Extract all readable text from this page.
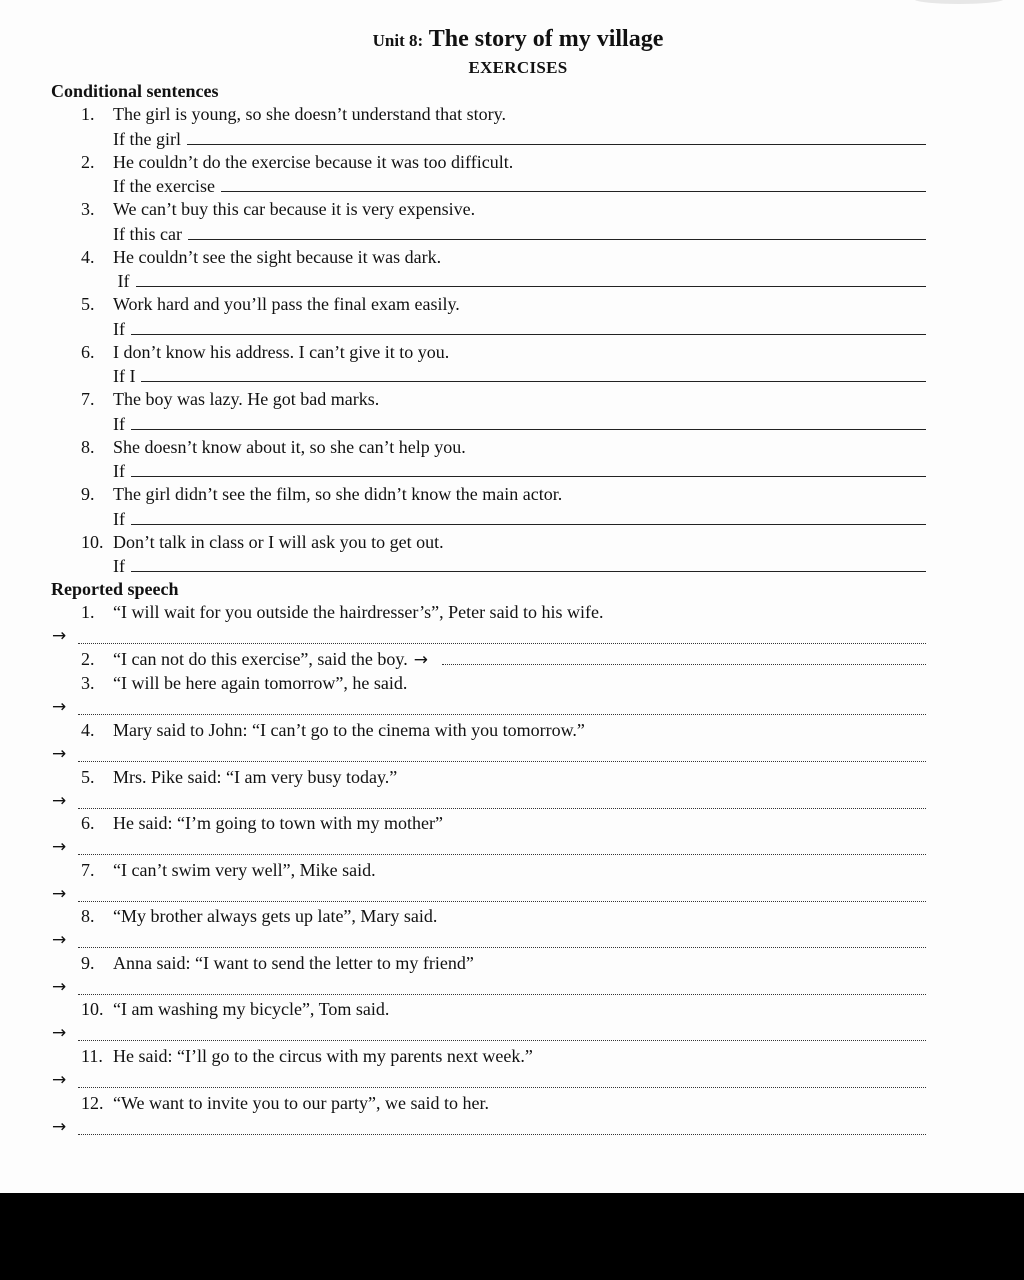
Unit 8: The story of my village
EXERCISES
Conditional sentences
1.	The girl is young, so she doesn’t understand that story.
If the girl
2.	He couldn’t do the exercise because it was too difficult.
If the exercise
3.	We can’t buy this car because it is very expensive.
If this car
4.	He couldn’t see the sight because it was dark.
If
5.	Work hard and you’ll pass the final exam easily.
If
6.	I don’t know his address. I can’t give it to you.
If I
7.	The boy was lazy. He got bad marks.
If
8.	She doesn’t know about it, so she can’t help you.
If
9.	The girl didn’t see the film, so she didn’t know the main actor.
If
10. Don’t talk in class or I will ask you to get out.
If
Reported speech
1.	“I will wait for you outside the hairdresser’s”, Peter said to his wife.
→
2.	“I can not do this exercise”, said the boy. →
3.	“I will be here again tomorrow”, he said.
→
4.	Mary said to John: “I can’t go to the cinema with you tomorrow.”
→
5.	Mrs. Pike said: “I am very busy today.”
→
6.	He said: “I’m going to town with my mother”
→
7.	“I can’t swim very well”, Mike said.
→
8.	“My brother always gets up late”, Mary said.
→
9.	Anna said: “I want to send the letter to my friend”
→
10. “I am washing my bicycle”, Tom said.
→
11. He said: “I’ll go to the circus with my parents next week.”
→
12. “We want to invite you to our party”, we said to her.
→
